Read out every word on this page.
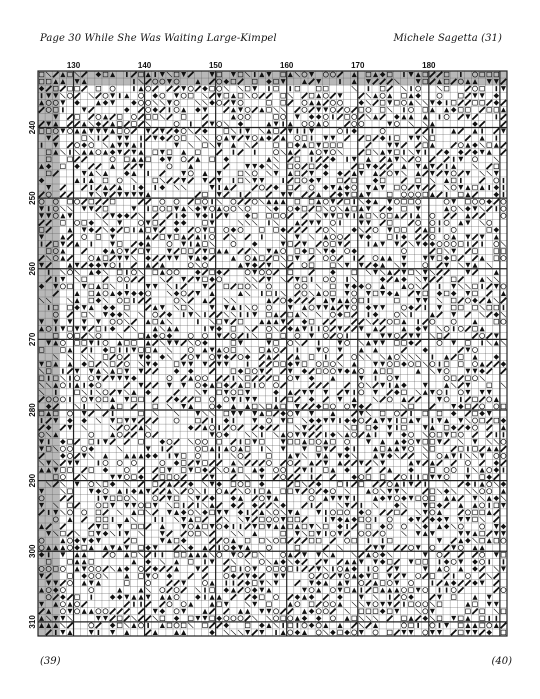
Page 30 While She Was Waiting Large-Kimpel	Michele Sagetta (31)
130	140	150	160	170	180
240
250
260
270
280
290
300
310
(39)	(40)
